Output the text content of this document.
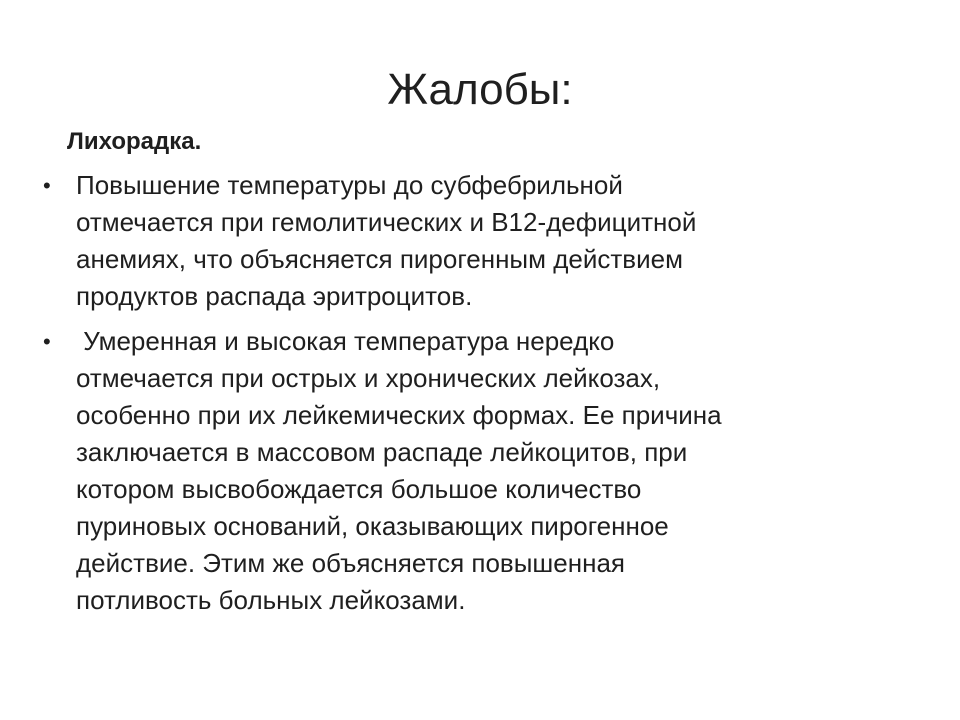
Жалобы:

Лихорадка.

• Повышение температуры до субфебрильной
отмечается при гемолитических и В12-дефицитной
анемиях, что объясняется пирогенным действием
продуктов распада эритроцитов.
• Умеренная и высокая температура нередко
отмечается при острых и хронических лейкозах,
особенно при их лейкемических формах. Ее причина
заключается в массовом распаде лейкоцитов, при
котором высвобождается большое количество
пуриновых оснований, оказывающих пирогенное
действие. Этим же объясняется повышенная
потливость больных лейкозами.
